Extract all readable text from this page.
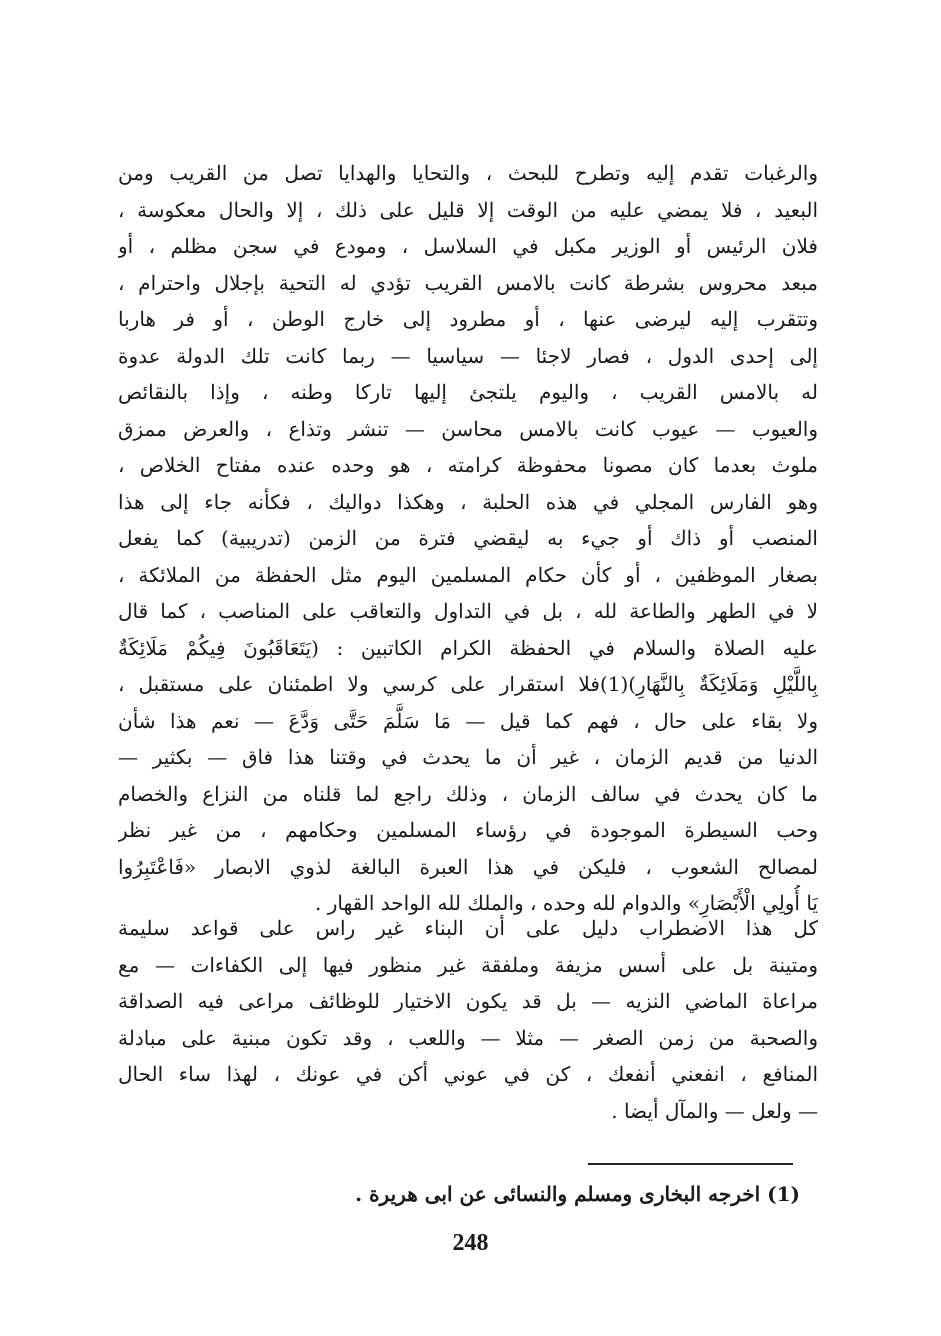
والرغبات تقدم إليه وتطرح للبحث ، والتحايا والهدايا تصل من القريب ومن
البعيد ، فلا يمضي عليه من الوقت إلا قليل على ذلك ، إلا والحال معكوسة ،
فلان الرئيس أو الوزير مكبل في السلاسل ، ومودع في سجن مظلم ، أو
مبعد محروس بشرطة كانت بالامس القريب تؤدي له التحية بإجلال واحترام ،
وتتقرب إليه ليرضى عنها ، أو مطرود إلى خارج الوطن ، أو فر هاربا
إلى إحدى الدول ، فصار لاجئا — سياسيا — ربما كانت تلك الدولة عدوة
له بالامس القريب ، واليوم يلتجئ إليها تاركا وطنه ، وإذا بالنقائص
والعيوب — عيوب كانت بالامس محاسن — تنشر وتذاع ، والعرض ممزق
ملوث بعدما كان مصونا محفوظة كرامته ، هو وحده عنده مفتاح الخلاص ،
وهو الفارس المجلي في هذه الحلبة ، وهكذا دواليك ، فكأنه جاء إلى هذا
المنصب أو ذاك أو جيء به ليقضي فترة من الزمن (تدريبية) كما يفعل
بصغار الموظفين ، أو كأن حكام المسلمين اليوم مثل الحفظة من الملائكة ،
لا في الطهر والطاعة لله ، بل في التداول والتعاقب على المناصب ، كما قال
عليه الصلاة والسلام في الحفظة الكرام الكاتبين : (يَتَعَاقَبُونَ فِيكُمْ مَلَائِكَةٌ
بِاللَّيْلِ وَمَلَائِكَةٌ بِالنَّهَارِ)(1)فلا استقرار على كرسي ولا اطمئنان على مستقبل ،
ولا بقاء على حال ، فهم كما قيل — مَا سَلَّمَ حَتَّى وَدَّعَ — نعم هذا شأن
الدنيا من قديم الزمان ، غير أن ما يحدث في وقتنا هذا فاق — بكثير —
ما كان يحدث في سالف الزمان ، وذلك راجع لما قلناه من النزاع والخصام
وحب السيطرة الموجودة في رؤساء المسلمين وحكامهم ، من غير نظر
لمصالح الشعوب ، فليكن في هذا العبرة البالغة لذوي الابصار «فَاعْتَبِرُوا
يَا أُولِي الْأَبْصَارِ» والدوام لله وحده ، والملك لله الواحد القهار .
كل هذا الاضطراب دليل على أن البناء غير راس على قواعد سليمة
ومتينة بل على أسس مزيفة وملفقة غير منظور فيها إلى الكفاءات — مع
مراعاة الماضي النزيه — بل قد يكون الاختيار للوظائف مراعى فيه الصداقة
والصحبة من زمن الصغر — مثلا — واللعب ، وقد تكون مبنية على مبادلة
المنافع ، انفعني أنفعك ، كن في عوني أكن في عونك ، لهذا ساء الحال
— ولعل — والمآل أيضا .
(1) اخرجه البخارى ومسلم والنسائى عن ابى هريرة .
248
